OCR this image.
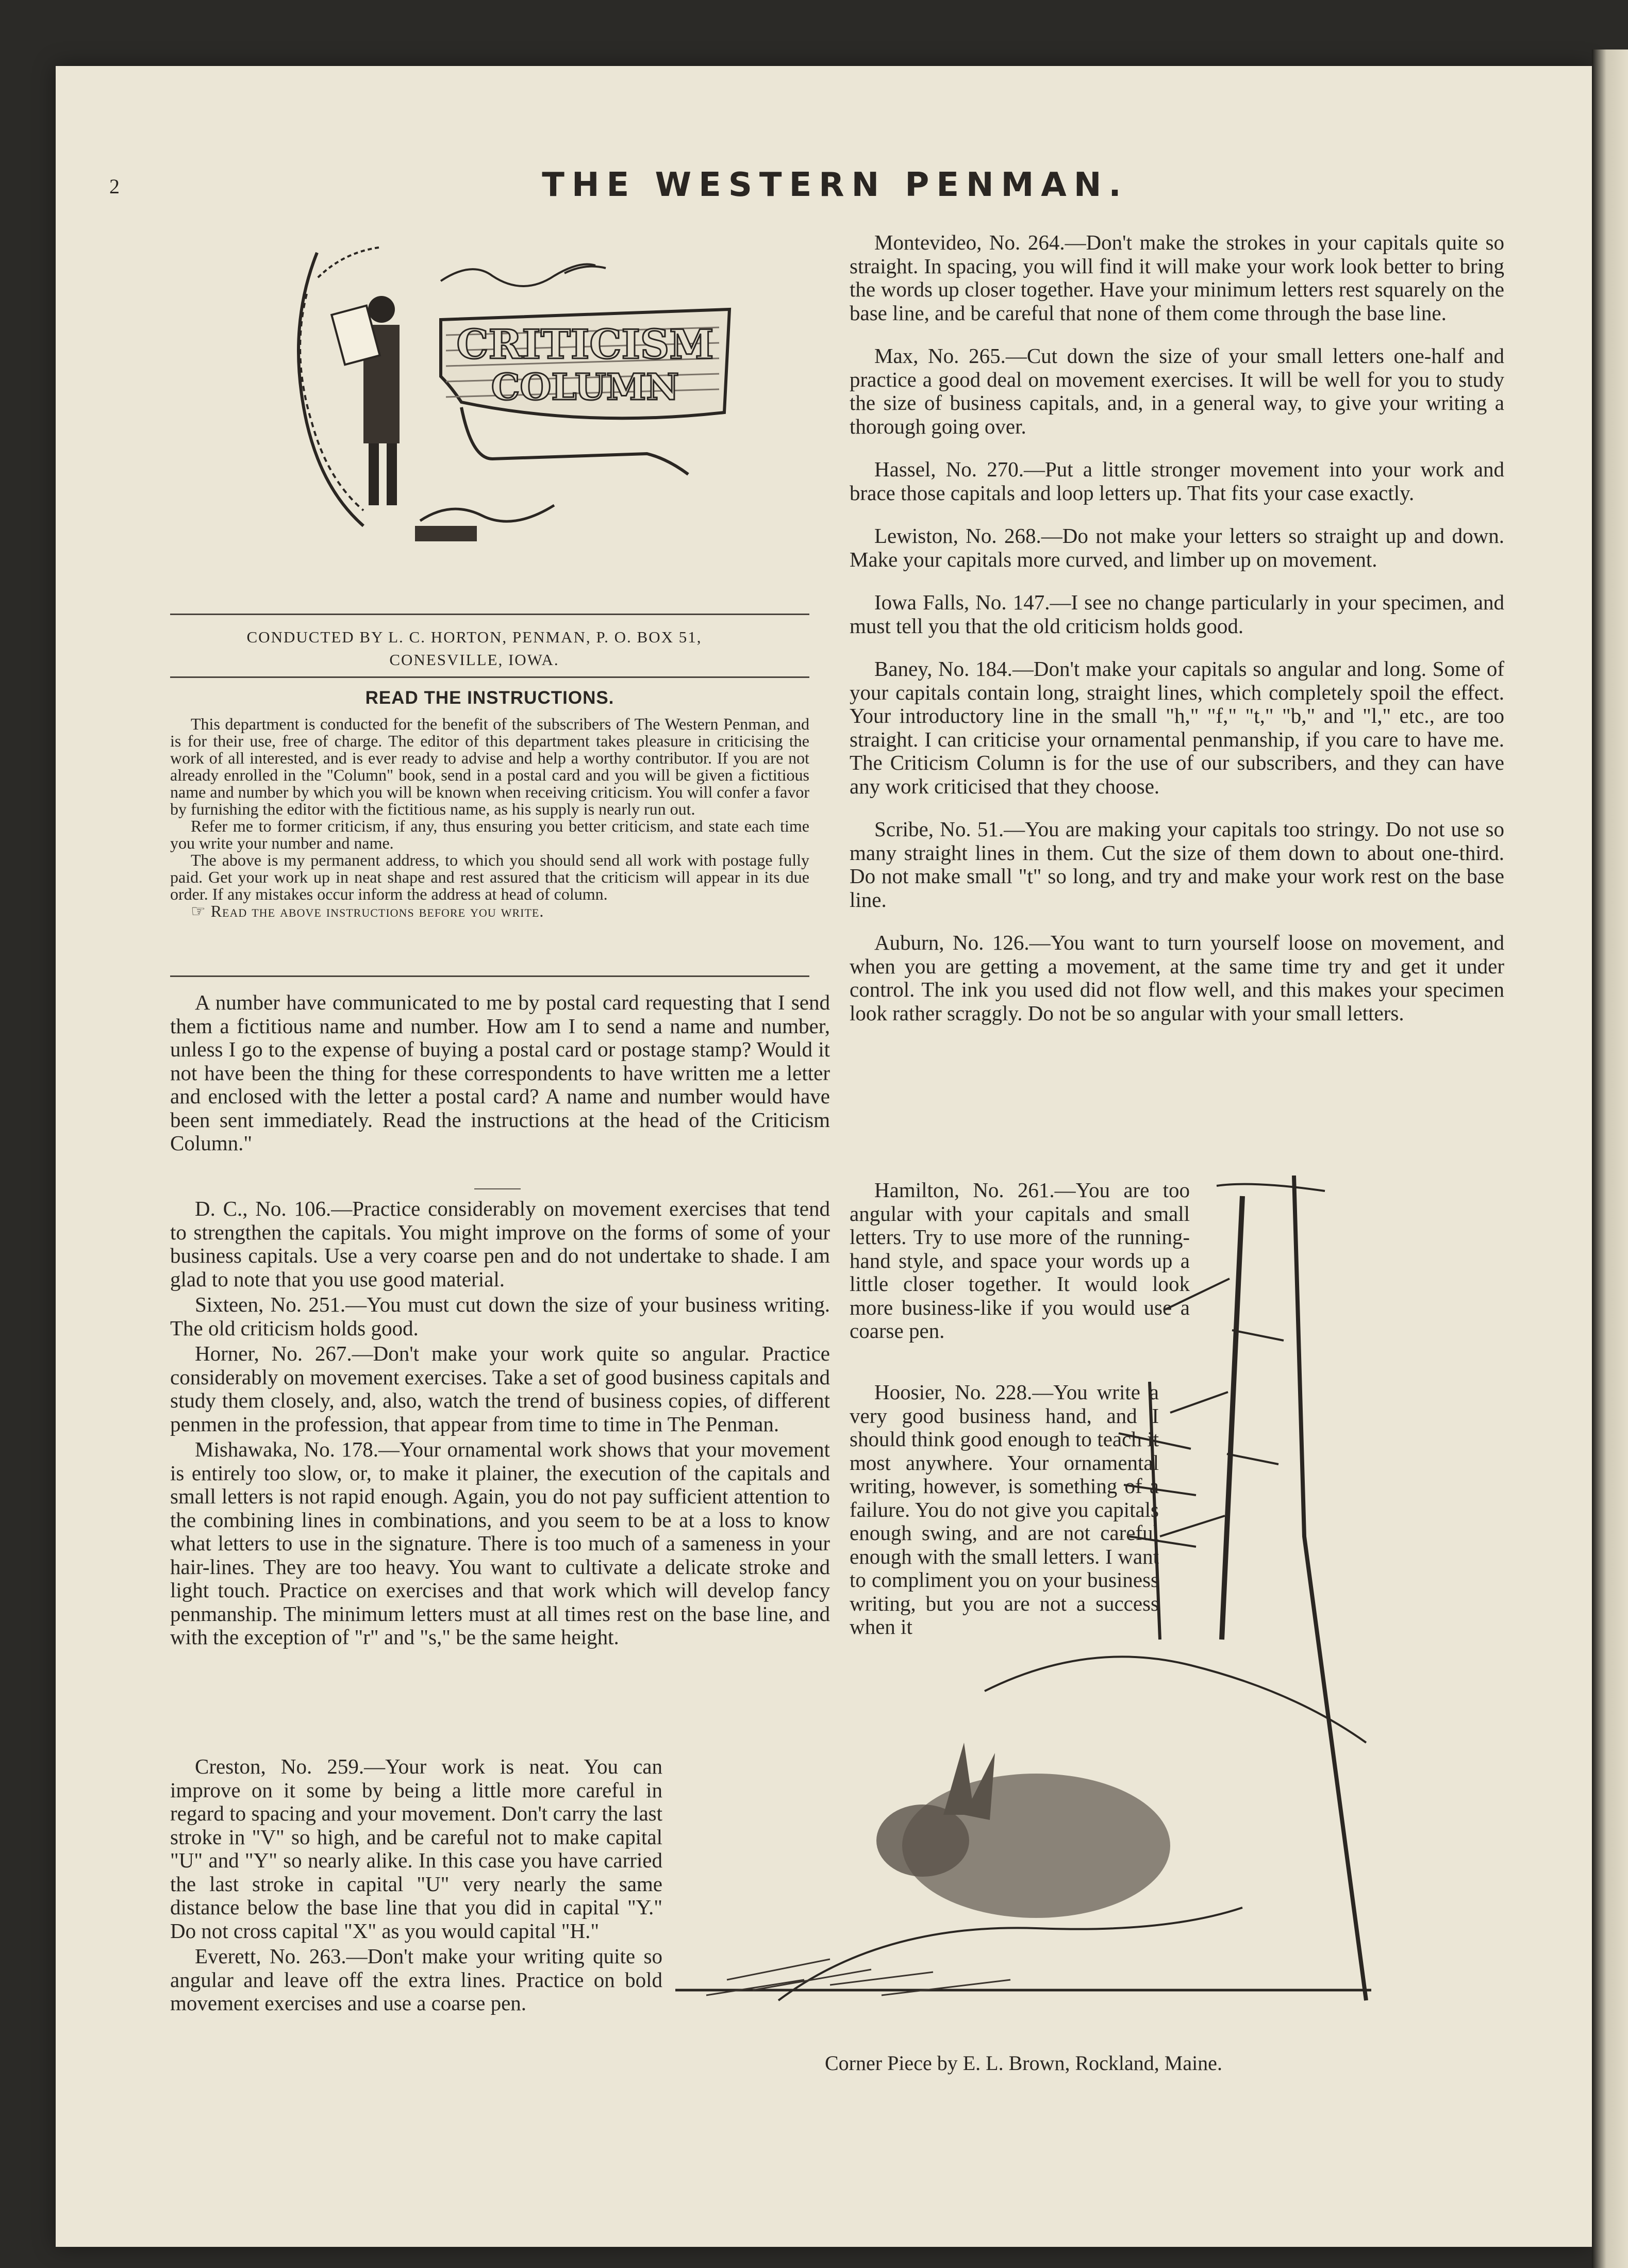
2	THE WESTERN PENMAN.
CRITICISM
COLUMN
CONDUCTED BY L. C. HORTON, PENMAN, P. O. BOX 51,
CONESVILLE, IOWA.
READ THE INSTRUCTIONS.

This department is conducted for the benefit of the subscribers of The Western Penman, and is for their use, free of charge. The editor of this department takes pleasure in criticising the work of all interested, and is ever ready to advise and help a worthy contributor. If you are not already enrolled in the "Column" book, send in a postal card and you will be given a fictitious name and number by which you will be known when receiving criticism. You will confer a favor by furnishing the editor with the fictitious name, as his supply is nearly run out.

Refer me to former criticism, if any, thus ensuring you better criticism, and state each time you write your number and name.

The above is my permanent address, to which you should send all work with postage fully paid. Get your work up in neat shape and rest assured that the criticism will appear in its due order. If any mistakes occur inform the address at head of column.

☞ Read the above instructions before you write.

A number have communicated to me by postal card requesting that I send them a fictitious name and number. How am I to send a name and number, unless I go to the expense of buying a postal card or postage stamp? Would it not have been the thing for these correspondents to have written me a letter and enclosed with the letter a postal card? A name and number would have been sent immediately. Read the instructions at the head of the Criticism Column."

D. C., No. 106.—Practice considerably on movement exercises that tend to strengthen the capitals. You might improve on the forms of some of your business capitals. Use a very coarse pen and do not undertake to shade. I am glad to note that you use good material.

Sixteen, No. 251.—You must cut down the size of your business writing. The old criticism holds good.

Horner, No. 267.—Don't make your work quite so angular. Practice considerably on movement exercises. Take a set of good business capitals and study them closely, and, also, watch the trend of business copies, of different penmen in the profession, that appear from time to time in The Penman.

Mishawaka, No. 178.—Your ornamental work shows that your movement is entirely too slow, or, to make it plainer, the execution of the capitals and small letters is not rapid enough. Again, you do not pay sufficient attention to the combining lines in combinations, and you seem to be at a loss to know what letters to use in the signature. There is too much of a sameness in your hair-lines. They are too heavy. You want to cultivate a delicate stroke and light touch. Practice on exercises and that work which will develop fancy penmanship. The minimum letters must at all times rest on the base line, and with the exception of "r" and "s," be the same height.

Creston, No. 259.—Your work is neat. You can improve on it some by being a little more careful in regard to spacing and your movement. Don't carry the last stroke in "V" so high, and be careful not to make capital "U" and "Y" so nearly alike. In this case you have carried the last stroke in capital "U" very nearly the same distance below the base line that you did in capital "Y." Do not cross capital "X" as you would capital "H."

Everett, No. 263.—Don't make your writing quite so angular and leave off the extra lines. Practice on bold movement exercises and use a coarse pen.

Montevideo, No. 264.—Don't make the strokes in your capitals quite so straight. In spacing, you will find it will make your work look better to bring the words up closer together. Have your minimum letters rest squarely on the base line, and be careful that none of them come through the base line.

Max, No. 265.—Cut down the size of your small letters one-half and practice a good deal on movement exercises. It will be well for you to study the size of business capitals, and, in a general way, to give your writing a thorough going over.

Hassel, No. 270.—Put a little stronger movement into your work and brace those capitals and loop letters up. That fits your case exactly.

Lewiston, No. 268.—Do not make your letters so straight up and down. Make your capitals more curved, and limber up on movement.

Iowa Falls, No. 147.—I see no change particularly in your specimen, and must tell you that the old criticism holds good.

Baney, No. 184.—Don't make your capitals so angular and long. Some of your capitals contain long, straight lines, which completely spoil the effect. Your introductory line in the small "h," "f," "t," "b," and "l," etc., are too straight. I can criticise your ornamental penmanship, if you care to have me. The Criticism Column is for the use of our subscribers, and they can have any work criticised that they choose.

Scribe, No. 51.—You are making your capitals too stringy. Do not use so many straight lines in them. Cut the size of them down to about one-third. Do not make small "t" so long, and try and make your work rest on the base line.

Auburn, No. 126.—You want to turn yourself loose on movement, and when you are getting a movement, at the same time try and get it under control. The ink you used did not flow well, and this makes your specimen look rather scraggly. Do not be so angular with your small letters.

Hamilton, No. 261.—You are too angular with your capitals and small letters. Try to use more of the running-hand style, and space your words up a little closer together. It would look more business-like if you would use a coarse pen.

Hoosier, No. 228.—You write a very good business hand, and I should think good enough to teach it most anywhere. Your ornamental writing, however, is something of a failure. You do not give you capitals enough swing, and are not careful enough with the small letters. I want to compliment you on your business writing, but you are not a success when it

Corner Piece by E. L. Brown, Rockland, Maine.
